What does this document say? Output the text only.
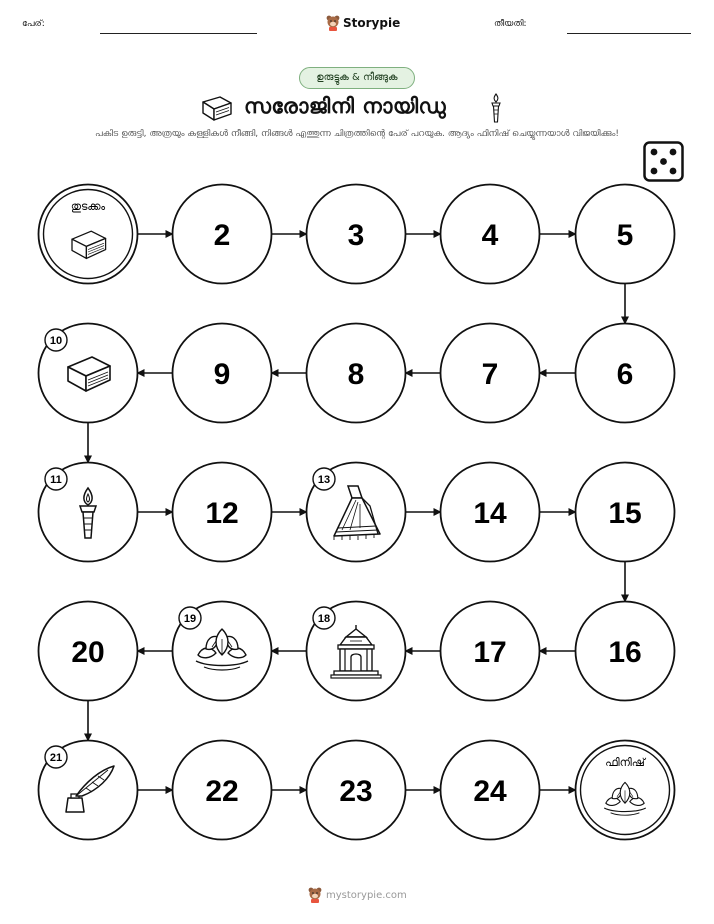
പേര്:	Storypie	തീയതി:
ഉരുട്ടുക & നീങ്ങുക
സരോജിനി നായിഡു
പകിട ഉരുട്ടി, അത്രയും കള്ളികൾ നീങ്ങി, നിങ്ങൾ എത്തുന്ന ചിത്രത്തിന്റെ പേര് പറയുക. ആദ്യം ഫിനിഷ് ചെയ്യുന്നയാൾ വിജയിക്കും!
തുടക്കം
2	3	4	5
10
9	8	7	6
11
12
13
14	15
20
19	18
17	16
21
22	23	24
ഫിനിഷ്
mystorypie.com
